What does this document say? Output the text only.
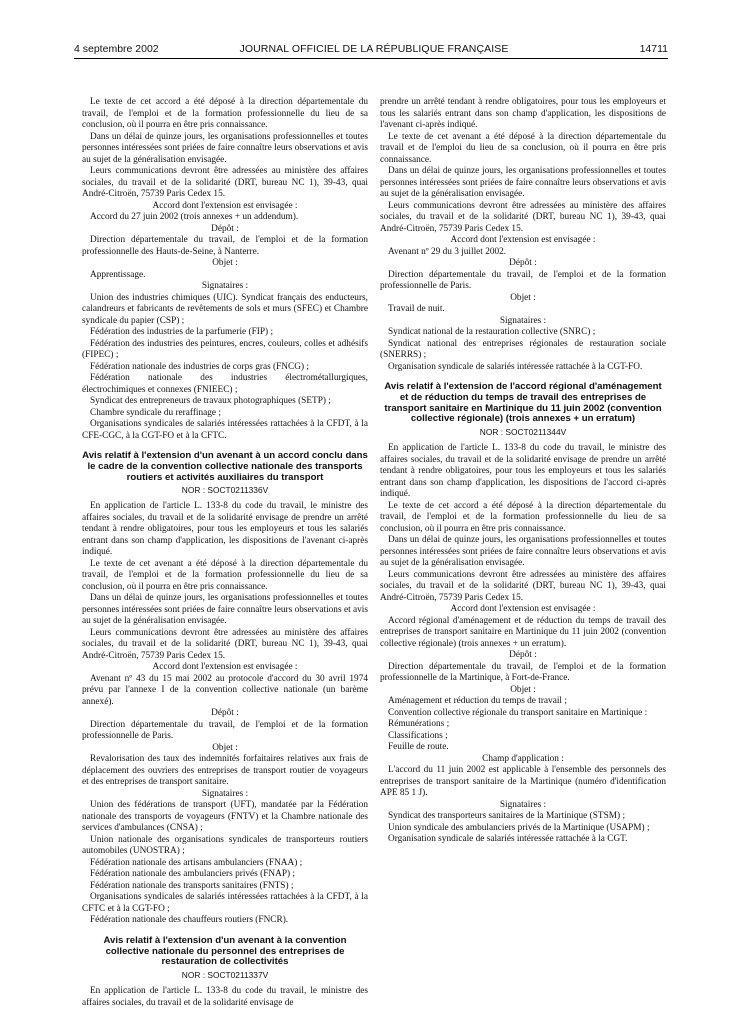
4 septembre 2002	JOURNAL OFFICIEL DE LA RÉPUBLIQUE FRANÇAISE	14711

Le texte de cet accord a été déposé à la direction départementale du travail, de l'emploi et de la formation professionnelle du lieu de sa conclusion, où il pourra en être pris connaissance.

Dans un délai de quinze jours, les organisations professionnelles et toutes personnes intéressées sont priées de faire connaître leurs observations et avis au sujet de la généralisation envisagée.

Leurs communications devront être adressées au ministère des affaires sociales, du travail et de la solidarité (DRT, bureau NC 1), 39-43, quai André-Citroën, 75739 Paris Cedex 15.

Accord dont l'extension est envisagée :

Accord du 27 juin 2002 (trois annexes + un addendum).

Dépôt :

Direction départementale du travail, de l'emploi et de la formation professionnelle des Hauts-de-Seine, à Nanterre.

Objet :

Apprentissage.

Signataires :

Union des industries chimiques (UIC). Syndicat français des enducteurs, calandreurs et fabricants de revêtements de sols et murs (SFEC) et Chambre syndicale du papier (CSP) ;

Fédération des industries de la parfumerie (FIP) ;

Fédération des industries des peintures, encres, couleurs, colles et adhésifs (FIPEC) ;

Fédération nationale des industries de corps gras (FNCG) ;

Fédération nationale des industries électrométallurgiques, électrochimiques et connexes (FNIEEC) ;

Syndicat des entrepreneurs de travaux photographiques (SETP) ;

Chambre syndicale du reraffinage ;

Organisations syndicales de salariés intéressées rattachées à la CFDT, à la CFE-CGC, à la CGT-FO et à la CFTC.

Avis relatif à l'extension d'un avenant à un accord conclu dans le cadre de la convention collective nationale des transports routiers et activités auxiliaires du transport
NOR : SOCT0211336V

En application de l'article L. 133-8 du code du travail, le ministre des affaires sociales, du travail et de la solidarité envisage de prendre un arrêté tendant à rendre obligatoires, pour tous les employeurs et tous les salariés entrant dans son champ d'application, les dispositions de l'avenant ci-après indiqué.

Le texte de cet avenant a été déposé à la direction départementale du travail, de l'emploi et de la formation professionnelle du lieu de sa conclusion, où il pourra en être pris connaissance.

Dans un délai de quinze jours, les organisations professionnelles et toutes personnes intéressées sont priées de faire connaître leurs observations et avis au sujet de la généralisation envisagée.

Leurs communications devront être adressées au ministère des affaires sociales, du travail et de la solidarité (DRT, bureau NC 1), 39-43, quai André-Citroën, 75739 Paris Cedex 15.

Accord dont l'extension est envisagée :

Avenant nº 43 du 15 mai 2002 au protocole d'accord du 30 avril 1974 prévu par l'annexe I de la convention collective nationale (un barème annexé).

Dépôt :

Direction départementale du travail, de l'emploi et de la formation professionnelle de Paris.

Objet :

Revalorisation des taux des indemnités forfaitaires relatives aux frais de déplacement des ouvriers des entreprises de transport routier de voyageurs et des entreprises de transport sanitaire.

Signataires :

Union des fédérations de transport (UFT), mandatée par la Fédération nationale des transports de voyageurs (FNTV) et la Chambre nationale des services d'ambulances (CNSA) ;

Union nationale des organisations syndicales de transporteurs routiers automobiles (UNOSTRA) ;

Fédération nationale des artisans ambulanciers (FNAA) ;

Fédération nationale des ambulanciers privés (FNAP) ;

Fédération nationale des transports sanitaires (FNTS) ;

Organisations syndicales de salariés intéressées rattachées à la CFDT, à la CFTC et à la CGT-FO ;

Fédération nationale des chauffeurs routiers (FNCR).

Avis relatif à l'extension d'un avenant à la convention collective nationale du personnel des entreprises de restauration de collectivités
NOR : SOCT0211337V

En application de l'article L. 133-8 du code du travail, le ministre des affaires sociales, du travail et de la solidarité envisage de

prendre un arrêté tendant à rendre obligatoires, pour tous les employeurs et tous les salariés entrant dans son champ d'application, les dispositions de l'avenant ci-après indiqué.

Le texte de cet avenant a été déposé à la direction départementale du travail et de l'emploi du lieu de sa conclusion, où il pourra en être pris connaissance.

Dans un délai de quinze jours, les organisations professionnelles et toutes personnes intéressées sont priées de faire connaître leurs observations et avis au sujet de la généralisation envisagée.

Leurs communications devront être adressées au ministère des affaires sociales, du travail et de la solidarité (DRT, bureau NC 1), 39-43, quai André-Citroën, 75739 Paris Cedex 15.

Accord dont l'extension est envisagée :

Avenant nº 29 du 3 juillet 2002.

Dépôt :

Direction départementale du travail, de l'emploi et de la formation professionnelle de Paris.

Objet :

Travail de nuit.

Signataires :

Syndicat national de la restauration collective (SNRC) ;

Syndicat national des entreprises régionales de restauration sociale (SNERRS) ;

Organisation syndicale de salariés intéressée rattachée à la CGT-FO.

Avis relatif à l'extension de l'accord régional d'aménagement et de réduction du temps de travail des entreprises de transport sanitaire en Martinique du 11 juin 2002 (convention collective régionale) (trois annexes + un erratum)
NOR : SOCT0211344V

En application de l'article L. 133-8 du code du travail, le ministre des affaires sociales, du travail et de la solidarité envisage de prendre un arrêté tendant à rendre obligatoires, pour tous les employeurs et tous les salariés entrant dans son champ d'application, les dispositions de l'accord ci-après indiqué.

Le texte de cet accord a été déposé à la direction départementale du travail, de l'emploi et de la formation professionnelle du lieu de sa conclusion, où il pourra en être pris connaissance.

Dans un délai de quinze jours, les organisations professionnelles et toutes personnes intéressées sont priées de faire connaître leurs observations et avis au sujet de la généralisation envisagée.

Leurs communications devront être adressées au ministère des affaires sociales, du travail et de la solidarité (DRT, bureau NC 1), 39-43, quai André-Citroën, 75739 Paris Cedex 15.

Accord dont l'extension est envisagée :

Accord régional d'aménagement et de réduction du temps de travail des entreprises de transport sanitaire en Martinique du 11 juin 2002 (convention collective régionale) (trois annexes + un erratum).

Dépôt :

Direction départementale du travail, de l'emploi et de la formation professionnelle de la Martinique, à Fort-de-France.

Objet :

Aménagement et réduction du temps de travail ;

Convention collective régionale du transport sanitaire en Martinique :

Rémunérations ;

Classifications ;

Feuille de route.

Champ d'application :

L'accord du 11 juin 2002 est applicable à l'ensemble des personnels des entreprises de transport sanitaire de la Martinique (numéro d'identification APE 85 1 J).

Signataires :

Syndicat des transporteurs sanitaires de la Martinique (STSM) ;

Union syndicale des ambulanciers privés de la Martinique (USAPM) ;

Organisation syndicale de salariés intéressée rattachée à la CGT.
